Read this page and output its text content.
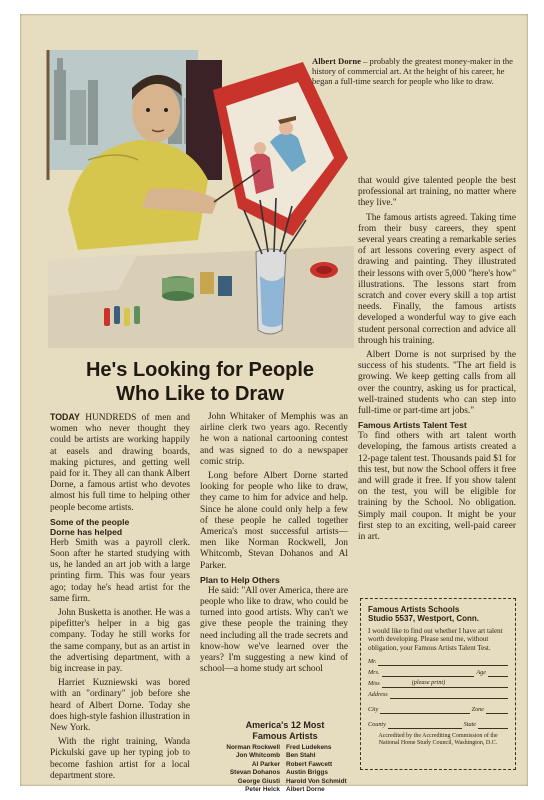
Albert Dorne – probably the greatest money-maker in the history of commercial art. At the height of his career, he began a full-time search for people who like to draw.
He's Looking for People
Who Like to Draw

TODAY HUNDREDS of men and women who never thought they could be artists are working happily at easels and drawing boards, making pictures, and getting well paid for it. They all can thank Albert Dorne, a famous artist who devotes almost his full time to helping other people become artists.

Some of the people
Dorne has helped

Herb Smith was a payroll clerk. Soon after he started studying with us, he landed an art job with a large printing firm. This was four years ago; today he's head artist for the same firm.

John Busketta is another. He was a pipefitter's helper in a big gas company. Today he still works for the same company, but as an artist in the advertising department, with a big increase in pay.

Harriet Kuzniewski was bored with an "ordinary" job before she heard of Albert Dorne. Today she does high-style fashion illustration in New York.

With the right training, Wanda Pickulski gave up her typing job to become fashion artist for a local department store.

John Whitaker of Memphis was an airline clerk two years ago. Recently he won a national cartooning contest and was signed to do a newspaper comic strip.

Long before Albert Dorne started looking for people who like to draw, they came to him for advice and help. Since he alone could only help a few of these people he called together America's most successful artists—men like Norman Rockwell, Jon Whitcomb, Stevan Dohanos and Al Parker.

Plan to Help Others

He said: "All over America, there are people who like to draw, who could be turned into good artists. Why can't we give these people the training they need including all the trade secrets and know-how we've learned over the years? I'm suggesting a new kind of school—a home study art school

America's 12 Most
Famous Artists
Norman Rockwell Fred Ludekens
Jon Whitcomb Ben Stahl
Al Parker Robert Fawcett
Stevan Dohanos Austin Briggs
George Giusti Harold Von Schmidt
Peter Helck Albert Dorne

that would give talented people the best professional art training, no matter where they live."

The famous artists agreed. Taking time from their busy careers, they spent several years creating a remarkable series of art lessons covering every aspect of drawing and painting. They illustrated their lessons with over 5,000 "here's how" illustrations. The lessons start from scratch and cover every skill a top artist needs. Finally, the famous artists developed a wonderful way to give each student personal correction and advice all through his training.

Albert Dorne is not surprised by the success of his students. "The art field is growing. We keep getting calls from all over the country, asking us for practical, well-trained students who can step into full-time or part-time art jobs."

Famous Artists Talent Test

To find others with art talent worth developing, the famous artists created a 12-page talent test. Thousands paid $1 for this test, but now the School offers it free and will grade it free. If you show talent on the test, you will be eligible for training by the School. No obligation. Simply mail coupon. It might be your first step to an exciting, well-paid career in art.

Famous Artists Schools
Studio 5537, Westport, Conn.
I would like to find out whether I have art talent worth developing. Please send me, without obligation, your Famous Artists Talent Test.
Mr.
Mrs.	Age
Miss	(please print)
Address
City	Zone
County	State
Accredited by the Accrediting Commission of the National Home Study Council, Washington, D.C.
